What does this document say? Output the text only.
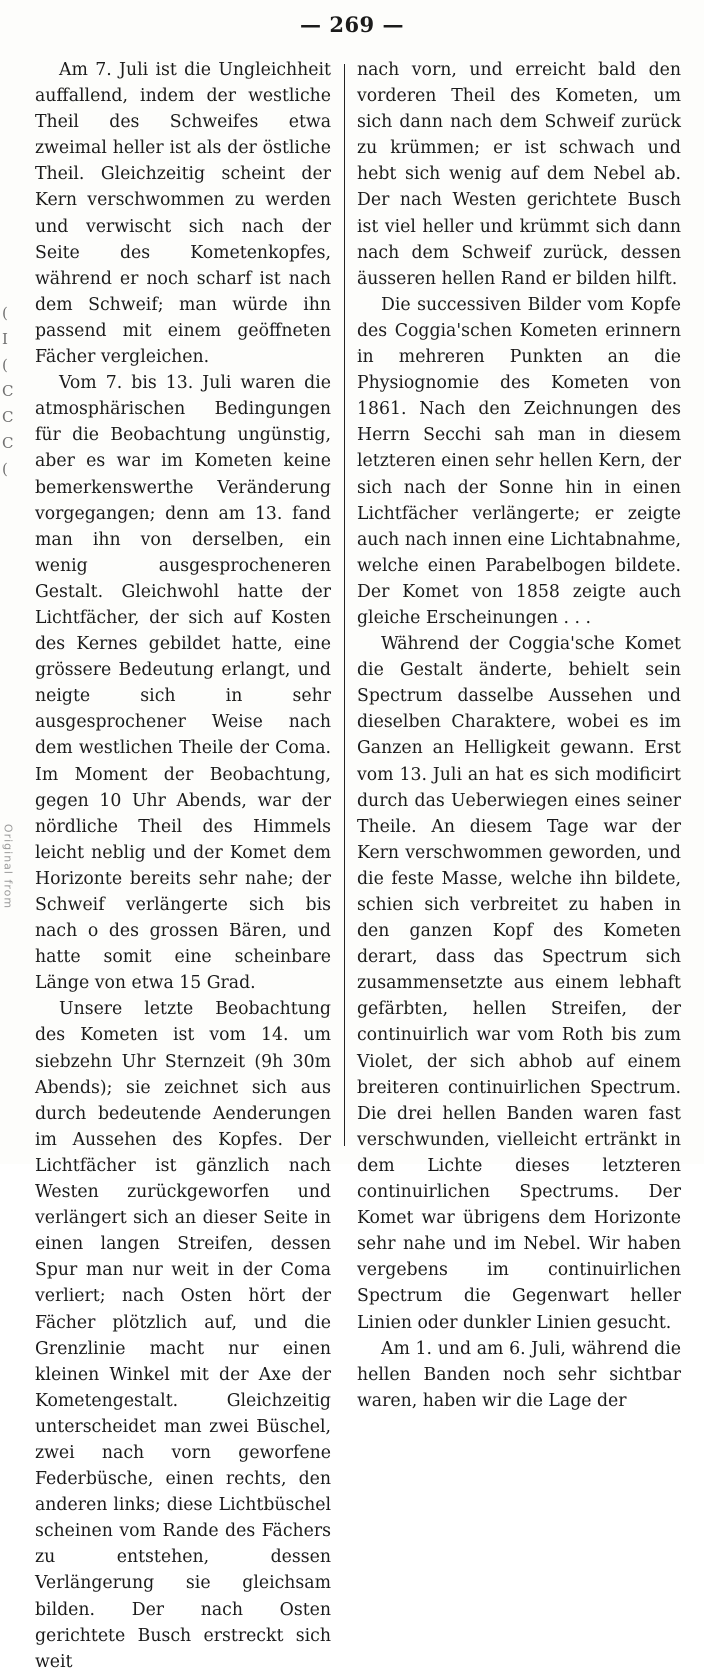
— 269 —
(
I
(
C
C
C
(
Original from

Am 7. Juli ist die Ungleichheit auffallend, indem der westliche Theil des Schweifes etwa zweimal heller ist als der östliche Theil. Gleichzeitig scheint der Kern verschwommen zu werden und verwischt sich nach der Seite des Kometenkopfes, während er noch scharf ist nach dem Schweif; man würde ihn passend mit einem geöffneten Fächer vergleichen.

Vom 7. bis 13. Juli waren die atmosphärischen Bedingungen für die Beobachtung ungünstig, aber es war im Kometen keine bemerkenswerthe Veränderung vorgegangen; denn am 13. fand man ihn von derselben, ein wenig ausgesprocheneren Gestalt. Gleichwohl hatte der Lichtfächer, der sich auf Kosten des Kernes gebildet hatte, eine grössere Bedeutung erlangt, und neigte sich in sehr ausgesprochener Weise nach dem westlichen Theile der Coma. Im Moment der Beobachtung, gegen 10 Uhr Abends, war der nördliche Theil des Himmels leicht neblig und der Komet dem Horizonte bereits sehr nahe; der Schweif verlängerte sich bis nach o des grossen Bären, und hatte somit eine scheinbare Länge von etwa 15 Grad.

Unsere letzte Beobachtung des Kometen ist vom 14. um siebzehn Uhr Sternzeit (9h 30m Abends); sie zeichnet sich aus durch bedeutende Aenderungen im Aussehen des Kopfes. Der Lichtfächer ist gänzlich nach Westen zurückgeworfen und verlängert sich an dieser Seite in einen langen Streifen, dessen Spur man nur weit in der Coma verliert; nach Osten hört der Fächer plötzlich auf, und die Grenzlinie macht nur einen kleinen Winkel mit der Axe der Kometengestalt. Gleichzeitig unterscheidet man zwei Büschel, zwei nach vorn geworfene Federbüsche, einen rechts, den anderen links; diese Lichtbüschel scheinen vom Rande des Fächers zu entstehen, dessen Verlängerung sie gleichsam bilden. Der nach Osten gerichtete Busch erstreckt sich weit

nach vorn, und erreicht bald den vorderen Theil des Kometen, um sich dann nach dem Schweif zurück zu krümmen; er ist schwach und hebt sich wenig auf dem Nebel ab. Der nach Westen gerichtete Busch ist viel heller und krümmt sich dann nach dem Schweif zurück, dessen äusseren hellen Rand er bilden hilft.

Die successiven Bilder vom Kopfe des Coggia'schen Kometen erinnern in mehreren Punkten an die Physiognomie des Kometen von 1861. Nach den Zeichnungen des Herrn Secchi sah man in diesem letzteren einen sehr hellen Kern, der sich nach der Sonne hin in einen Lichtfächer verlängerte; er zeigte auch nach innen eine Lichtabnahme, welche einen Parabelbogen bildete. Der Komet von 1858 zeigte auch gleiche Erscheinungen . . .

Während der Coggia'sche Komet die Gestalt änderte, behielt sein Spectrum dasselbe Aussehen und dieselben Charaktere, wobei es im Ganzen an Helligkeit gewann. Erst vom 13. Juli an hat es sich modificirt durch das Ueberwiegen eines seiner Theile. An diesem Tage war der Kern verschwommen geworden, und die feste Masse, welche ihn bildete, schien sich verbreitet zu haben in den ganzen Kopf des Kometen derart, dass das Spectrum sich zusammensetzte aus einem lebhaft gefärbten, hellen Streifen, der continuirlich war vom Roth bis zum Violet, der sich abhob auf einem breiteren continuirlichen Spectrum. Die drei hellen Banden waren fast verschwunden, vielleicht ertränkt in dem Lichte dieses letzteren continuirlichen Spectrums. Der Komet war übrigens dem Horizonte sehr nahe und im Nebel. Wir haben vergebens im continuirlichen Spectrum die Gegenwart heller Linien oder dunkler Linien gesucht.

Am 1. und am 6. Juli, während die hellen Banden noch sehr sichtbar waren, haben wir die Lage der
